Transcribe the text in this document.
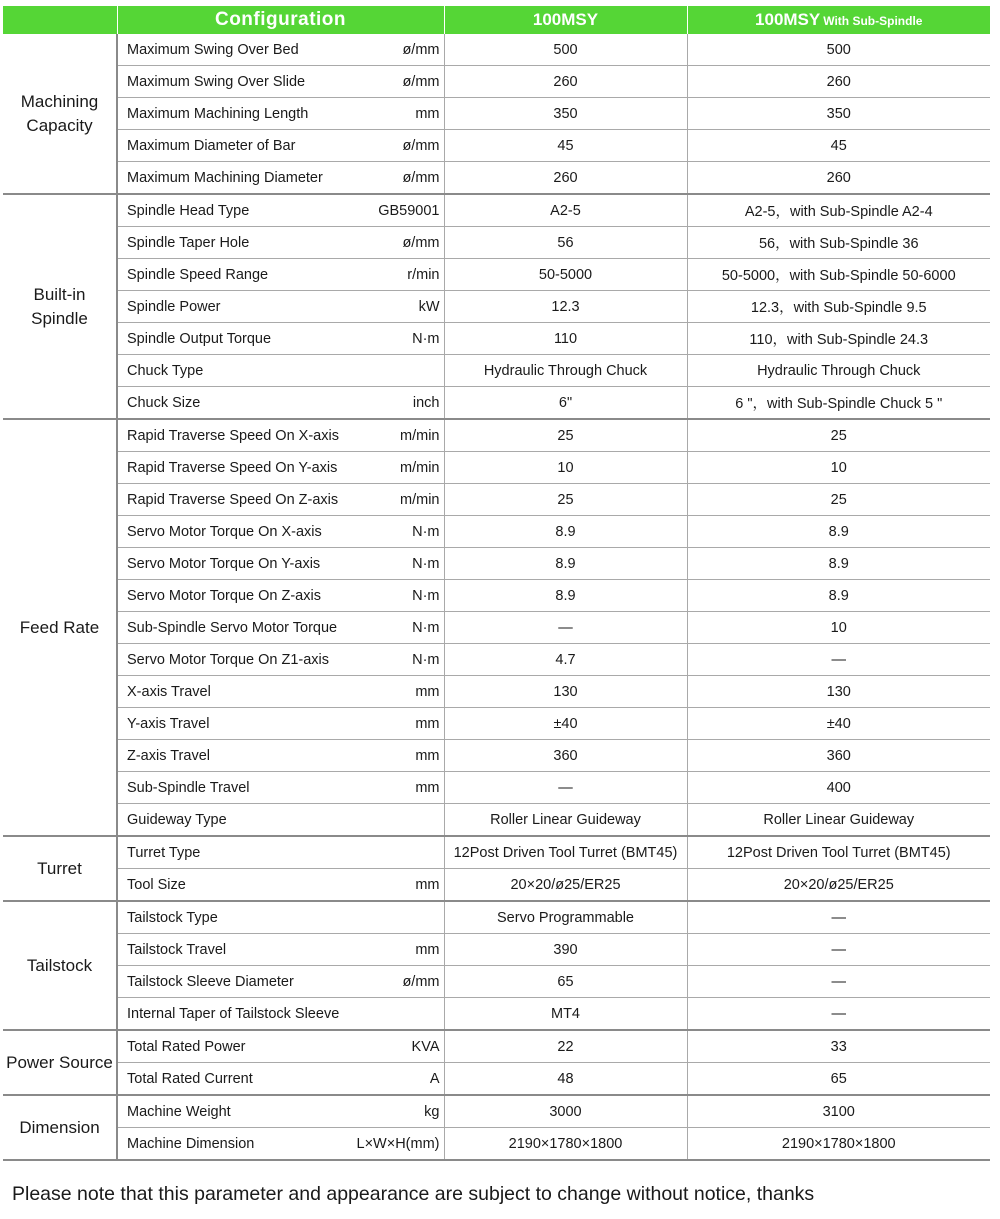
	Configuration	100MSY	100MSY With Sub-Spindle
Machining Capacity	Maximum Swing Over Bed ø/mm	500	500

	Maximum Swing Over Slide ø/mm	260	260

	Maximum Machining Length mm	350	350

	Maximum Diameter of Bar ø/mm	45	45

	Maximum Machining Diameter ø/mm	260	260
Built-in Spindle	Spindle Head Type GB59001	A2-5	A2-5，with Sub-Spindle A2-4

	Spindle Taper Hole ø/mm	56	56，with Sub-Spindle 36

	Spindle Speed Range r/min	50-5000	50-5000，with Sub-Spindle 50-6000

	Spindle Power kW	12.3	12.3，with Sub-Spindle 9.5

	Spindle Output Torque N·m	110	110，with Sub-Spindle 24.3

	Chuck Type	Hydraulic Through Chuck	Hydraulic Through Chuck

	Chuck Size inch	6"	6 "，with Sub-Spindle Chuck 5 "
Feed Rate	Rapid Traverse Speed On X-axis m/min	25	25

	Rapid Traverse Speed On Y-axis m/min	10	10

	Rapid Traverse Speed On Z-axis m/min	25	25

	Servo Motor Torque On X-axis N·m	8.9	8.9

	Servo Motor Torque On Y-axis N·m	8.9	8.9

	Servo Motor Torque On Z-axis N·m	8.9	8.9

	Sub-Spindle Servo Motor Torque N·m	—	10

	Servo Motor Torque On Z1-axis N·m	4.7	—

	X-axis Travel mm	130	130

	Y-axis Travel mm	±40	±40

	Z-axis Travel mm	360	360

	Sub-Spindle Travel mm	—	400

	Guideway Type	Roller Linear Guideway	Roller Linear Guideway
Turret	Turret Type	12Post Driven Tool Turret (BMT45)	12Post Driven Tool Turret (BMT45)

	Tool Size mm	20×20/ø25/ER25	20×20/ø25/ER25
Tailstock	Tailstock Type	Servo Programmable	—

	Tailstock Travel mm	390	—

	Tailstock Sleeve Diameter ø/mm	65	—

	Internal Taper of Tailstock Sleeve	MT4	—
Power Source	Total Rated Power KVA	22	33

	Total Rated Current A	48	65
Dimension	Machine Weight kg	3000	3100

	Machine Dimension L×W×H(mm)	2190×1780×1800	2190×1780×1800
Please note that this parameter and appearance are subject to change without notice, thanks
